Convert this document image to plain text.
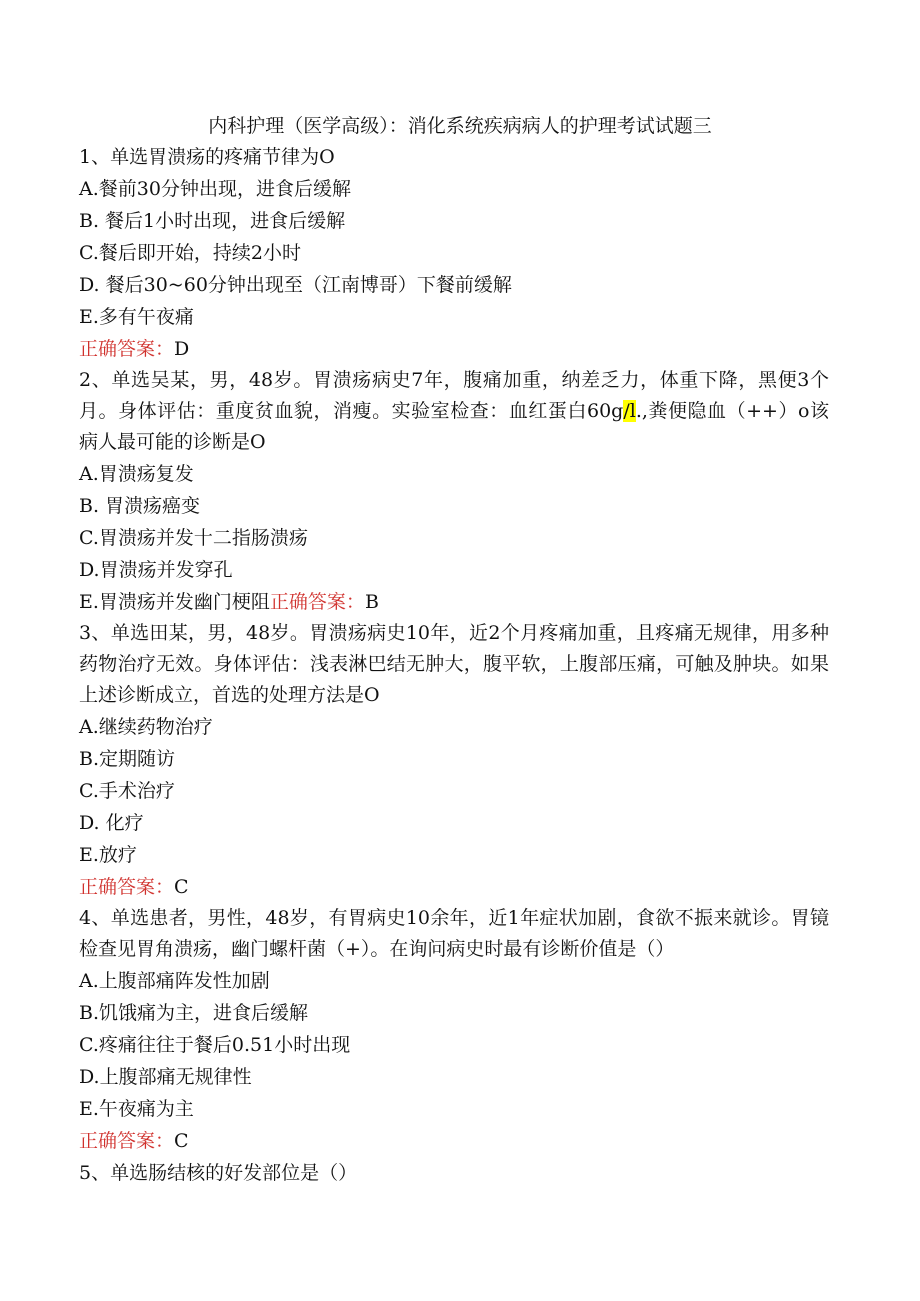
内科护理（医学高级）：消化系统疾病病人的护理考试试题三
1、单选胃溃疡的疼痛节律为O
A.餐前30分钟出现，进食后缓解
B. 餐后1小时出现，进食后缓解
C.餐后即开始，持续2小时
D. 餐后30~60分钟出现至（江南博哥）下餐前缓解
E.多有午夜痛
正确答案：D
2、单选吴某，男，48岁。胃溃疡病史7年，腹痛加重，纳差乏力，体重下降，黑便3个月。身体评估：重度贫血貌，消瘦。实验室检查：血红蛋白60g/l.,粪便隐血（++）o该病人最可能的诊断是O
A.胃溃疡复发
B. 胃溃疡癌变
C.胃溃疡并发十二指肠溃疡
D.胃溃疡并发穿孔
E.胃溃疡并发幽门梗阻正确答案：B
3、单选田某，男，48岁。胃溃疡病史10年，近2个月疼痛加重，且疼痛无规律，用多种药物治疗无效。身体评估：浅表淋巴结无肿大，腹平软，上腹部压痛，可触及肿块。如果上述诊断成立，首选的处理方法是O
A.继续药物治疗
B.定期随访
C.手术治疗
D. 化疗
E.放疗
正确答案：C
4、单选患者，男性，48岁，有胃病史10余年，近1年症状加剧，食欲不振来就诊。胃镜检查见胃角溃疡，幽门螺杆菌（+）。在询问病史时最有诊断价值是（）
A.上腹部痛阵发性加剧
B.饥饿痛为主，进食后缓解
C.疼痛往往于餐后0.51小时出现
D.上腹部痛无规律性
E.午夜痛为主
正确答案：C
5、单选肠结核的好发部位是（）
